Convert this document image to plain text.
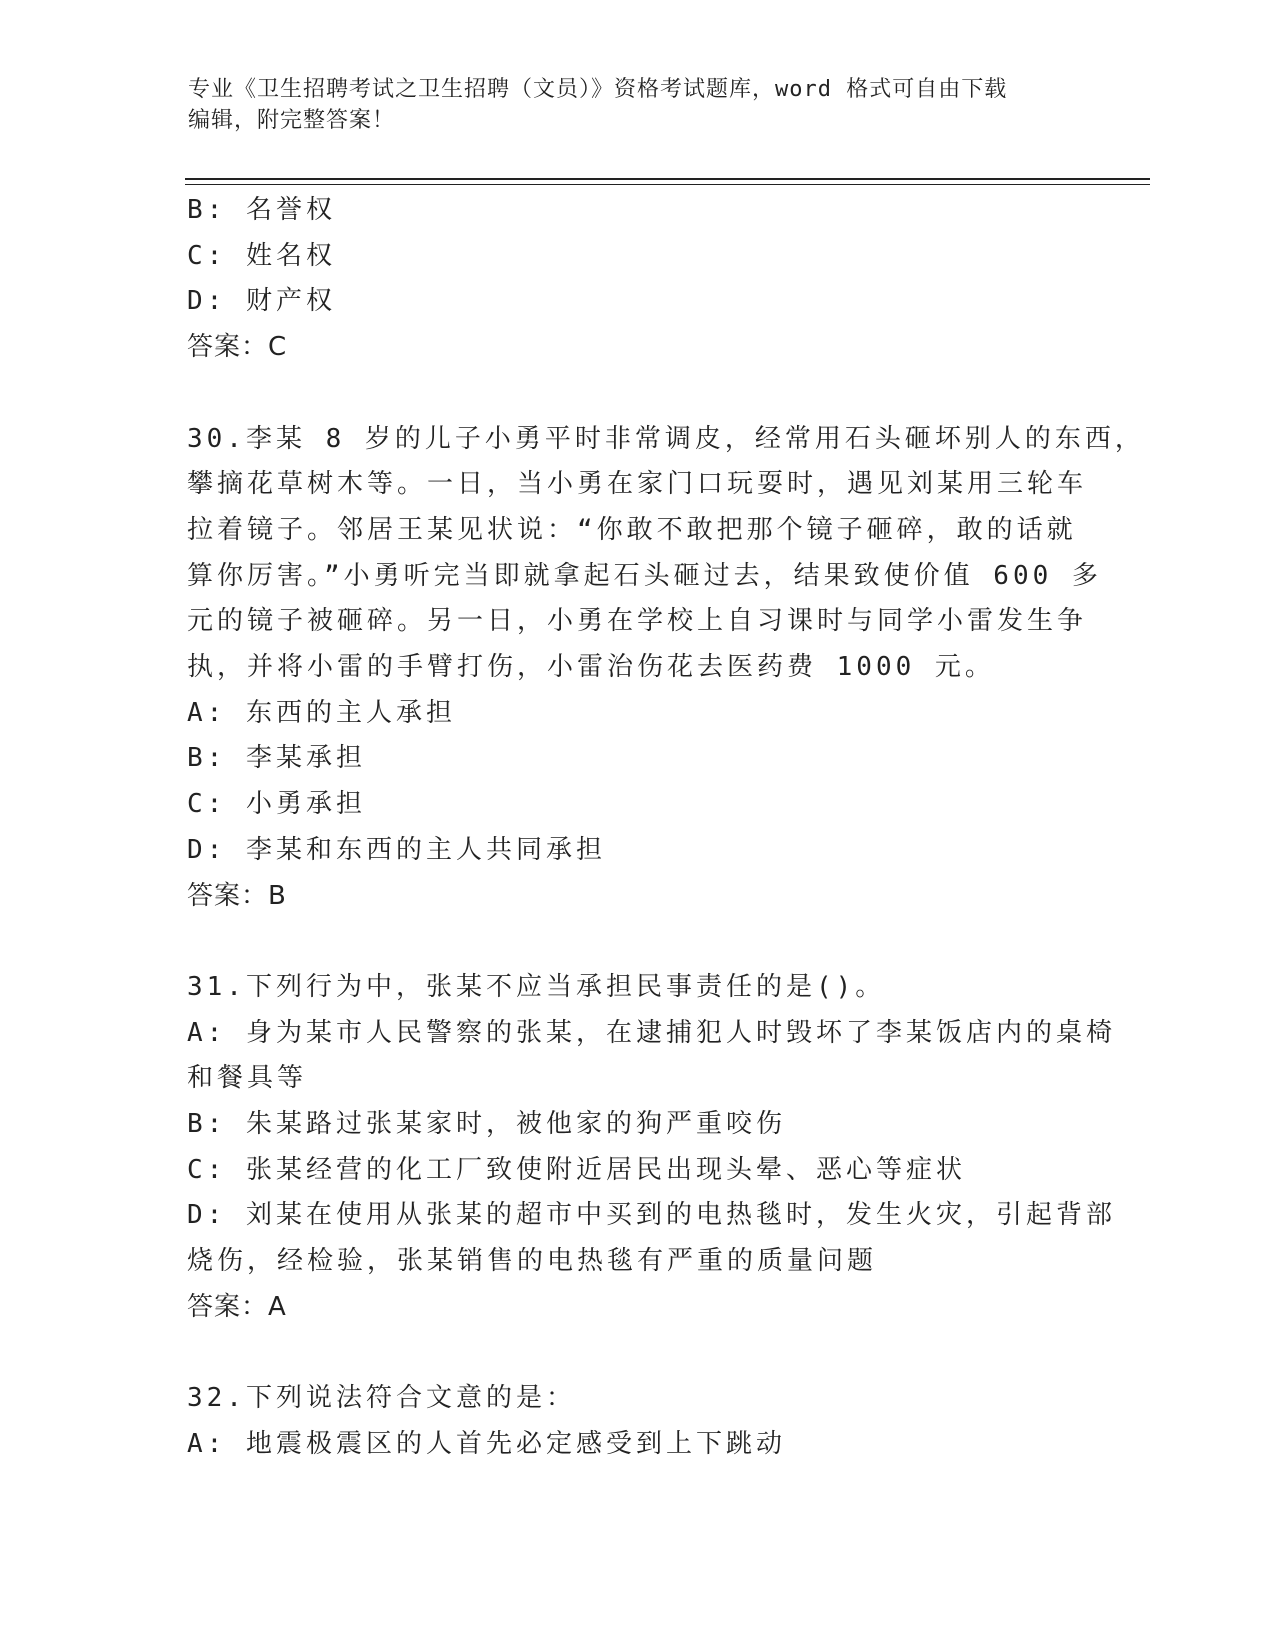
专业《卫生招聘考试之卫生招聘（文员）》资格考试题库，word 格式可自由下载
编辑，附完整答案！
B: 名誉权
C: 姓名权
D: 财产权
答案：C
30.李某 8 岁的儿子小勇平时非常调皮，经常用石头砸坏别人的东西，
攀摘花草树木等。一日，当小勇在家门口玩耍时，遇见刘某用三轮车
拉着镜子。邻居王某见状说：“你敢不敢把那个镜子砸碎，敢的话就
算你厉害。”小勇听完当即就拿起石头砸过去，结果致使价值 600 多
元的镜子被砸碎。另一日，小勇在学校上自习课时与同学小雷发生争
执，并将小雷的手臂打伤，小雷治伤花去医药费 1000 元。
A: 东西的主人承担
B: 李某承担
C: 小勇承担
D: 李某和东西的主人共同承担
答案：B
31.下列行为中，张某不应当承担民事责任的是()。
A: 身为某市人民警察的张某，在逮捕犯人时毁坏了李某饭店内的桌椅
和餐具等
B: 朱某路过张某家时，被他家的狗严重咬伤
C: 张某经营的化工厂致使附近居民出现头晕、恶心等症状
D: 刘某在使用从张某的超市中买到的电热毯时，发生火灾，引起背部
烧伤，经检验，张某销售的电热毯有严重的质量问题
答案：A
32.下列说法符合文意的是：
A: 地震极震区的人首先必定感受到上下跳动
